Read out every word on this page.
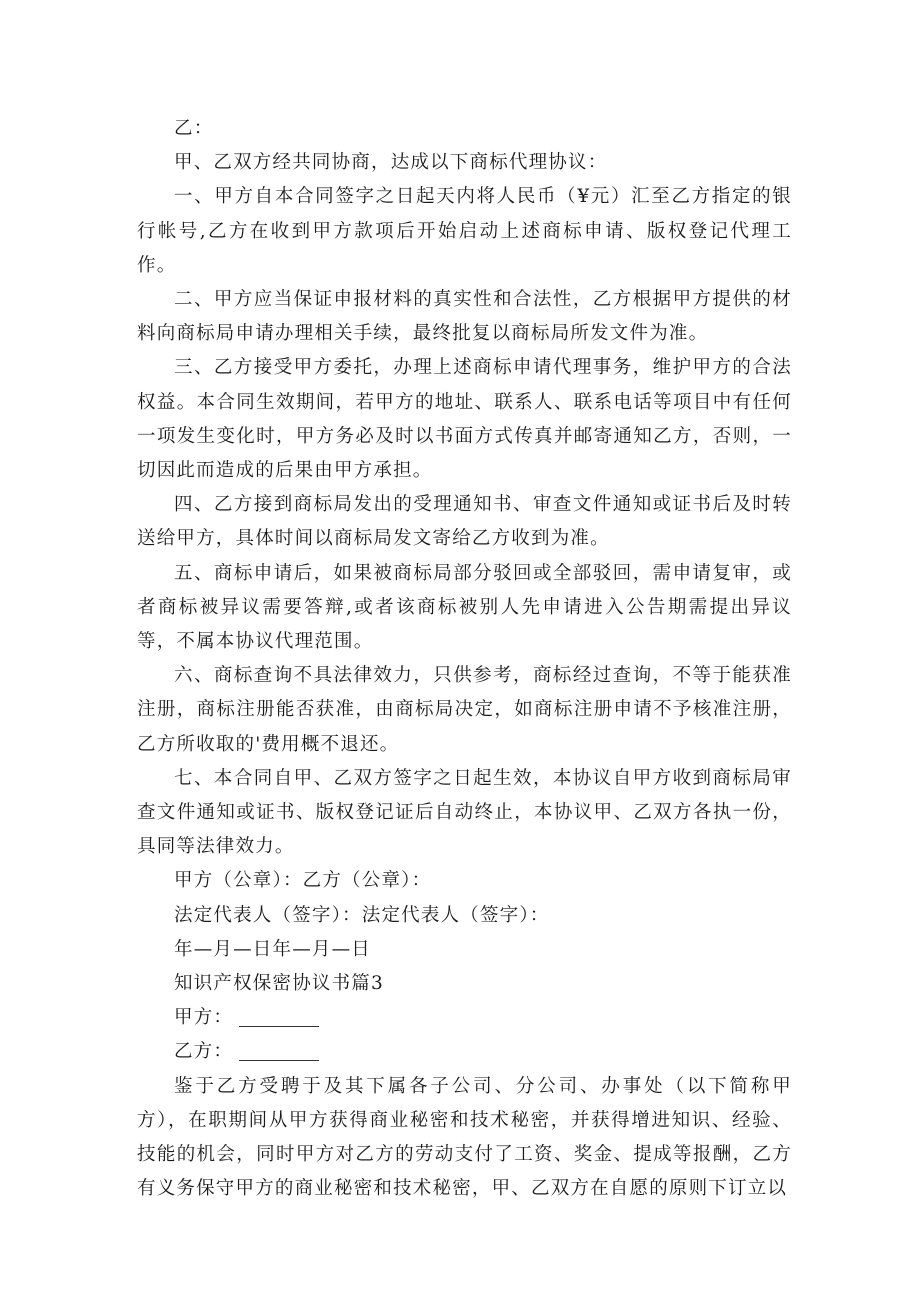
乙：

甲、乙双方经共同协商，达成以下商标代理协议：

一、甲方自本合同签字之日起天内将人民币（¥元）汇至乙方指定的银行帐号,乙方在收到甲方款项后开始启动上述商标申请、版权登记代理工作。

二、甲方应当保证申报材料的真实性和合法性，乙方根据甲方提供的材料向商标局申请办理相关手续，最终批复以商标局所发文件为准。

三、乙方接受甲方委托，办理上述商标申请代理事务，维护甲方的合法权益。本合同生效期间，若甲方的地址、联系人、联系电话等项目中有任何一项发生变化时，甲方务必及时以书面方式传真并邮寄通知乙方，否则，一切因此而造成的后果由甲方承担。

四、乙方接到商标局发出的受理通知书、审查文件通知或证书后及时转送给甲方，具体时间以商标局发文寄给乙方收到为准。

五、商标申请后，如果被商标局部分驳回或全部驳回，需申请复审，或者商标被异议需要答辩,或者该商标被别人先申请进入公告期需提出异议等，不属本协议代理范围。

六、商标查询不具法律效力，只供参考，商标经过查询，不等于能获准注册，商标注册能否获准，由商标局决定，如商标注册申请不予核准注册，乙方所收取的'费用概不退还。

七、本合同自甲、乙双方签字之日起生效，本协议自甲方收到商标局审查文件通知或证书、版权登记证后自动终止，本协议甲、乙双方各执一份，具同等法律效力。

甲方（公章）：乙方（公章）：

法定代表人（签字）：法定代表人（签字）：

年—月—日年—月—日

知识产权保密协议书篇3

甲方：
乙方：

鉴于乙方受聘于及其下属各子公司、分公司、办事处（以下简称甲方），在职期间从甲方获得商业秘密和技术秘密，并获得增进知识、经验、技能的机会，同时甲方对乙方的劳动支付了工资、奖金、提成等报酬，乙方有义务保守甲方的商业秘密和技术秘密，甲、乙双方在自愿的原则下订立以
